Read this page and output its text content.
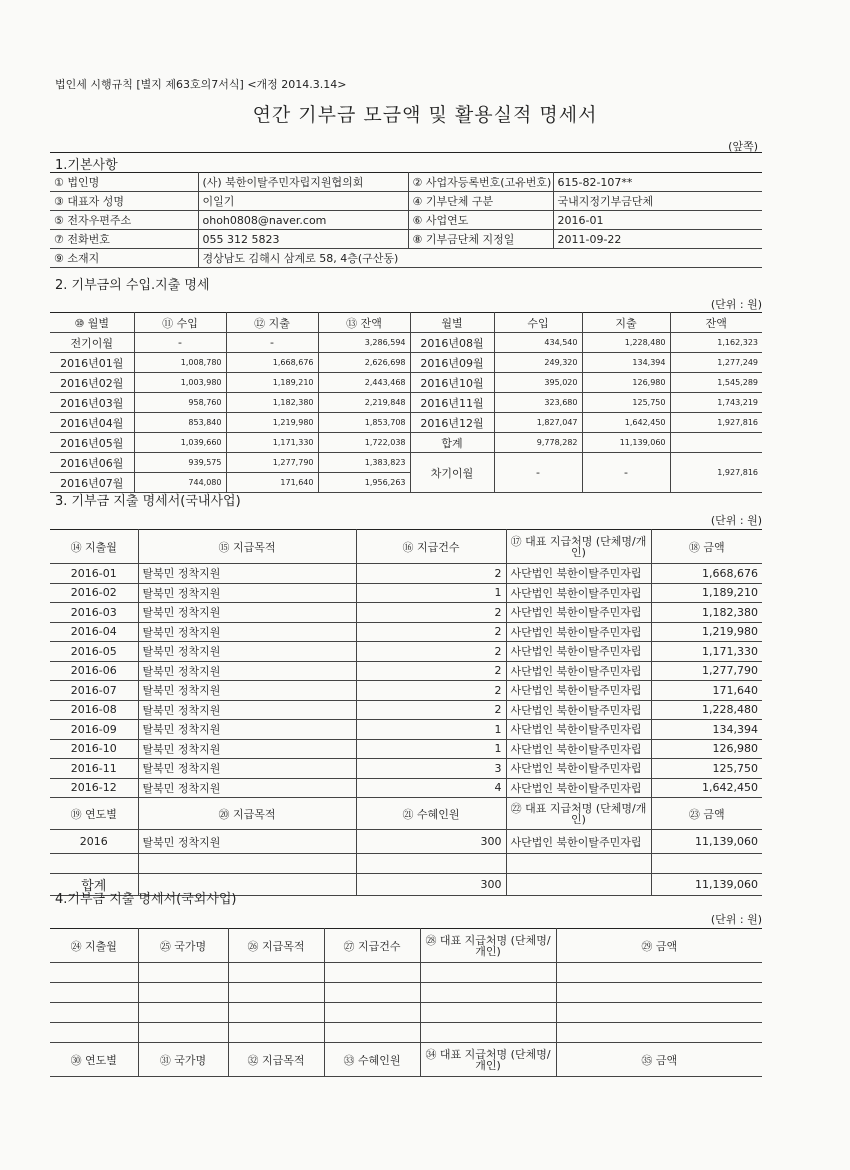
법인세 시행규칙 [별지 제63호의7서식] <개정 2014.3.14>
연간 기부금 모금액 및 활용실적 명세서
(앞쪽)
1.기본사항
① 법인명	(사) 북한이탈주민자립지원협의회	② 사업자등록번호(고유번호)	615-82-107**
③ 대표자 성명	이일기	④ 기부단체 구분	국내지정기부금단체
⑤ 전자우편주소	ohoh0808@naver.com	⑥ 사업연도	2016-01
⑦ 전화번호	055 312 5823	⑧ 기부금단체 지정일	2011-09-22
⑨ 소재지	경상남도 김해시 삼계로 58, 4층(구산동)		
2. 기부금의 수입.지출 명세
(단위 : 원)
⑩ 월별	⑪ 수입	⑫ 지출	⑬ 잔액	월별	수입	지출	잔액
전기이월	-	-	3,286,594	2016년08월	434,540	1,228,480	1,162,323
2016년01월	1,008,780	1,668,676	2,626,698	2016년09월	249,320	134,394	1,277,249
2016년02월	1,003,980	1,189,210	2,443,468	2016년10월	395,020	126,980	1,545,289
2016년03월	958,760	1,182,380	2,219,848	2016년11월	323,680	125,750	1,743,219
2016년04월	853,840	1,219,980	1,853,708	2016년12월	1,827,047	1,642,450	1,927,816
2016년05월	1,039,660	1,171,330	1,722,038	합계	9,778,282	11,139,060	
2016년06월	939,575	1,277,790	1,383,823	차기이월	-	-	1,927,816
2016년07월	744,080	171,640	1,956,263				
3. 기부금 지출 명세서(국내사업)
(단위 : 원)
⑭ 지출월	⑮ 지급목적	⑯ 지급건수	⑰ 대표 지급처명 (단체명/개인)	⑱ 금액
2016-01	탈북민 정착지원	2	사단법인 북한이탈주민자립	1,668,676
2016-02	탈북민 정착지원	1	사단법인 북한이탈주민자립	1,189,210
2016-03	탈북민 정착지원	2	사단법인 북한이탈주민자립	1,182,380
2016-04	탈북민 정착지원	2	사단법인 북한이탈주민자립	1,219,980
2016-05	탈북민 정착지원	2	사단법인 북한이탈주민자립	1,171,330
2016-06	탈북민 정착지원	2	사단법인 북한이탈주민자립	1,277,790
2016-07	탈북민 정착지원	2	사단법인 북한이탈주민자립	171,640
2016-08	탈북민 정착지원	2	사단법인 북한이탈주민자립	1,228,480
2016-09	탈북민 정착지원	1	사단법인 북한이탈주민자립	134,394
2016-10	탈북민 정착지원	1	사단법인 북한이탈주민자립	126,980
2016-11	탈북민 정착지원	3	사단법인 북한이탈주민자립	125,750
2016-12	탈북민 정착지원	4	사단법인 북한이탈주민자립	1,642,450
⑲ 연도별	⑳ 지급목적	㉑ 수혜인원	㉒ 대표 지급처명 (단체명/개인)	㉓ 금액
2016	탈북민 정착지원	300	사단법인 북한이탈주민자립	11,139,060

합계		300		11,139,060
4.기부금 지출 명세서(국외사업)
(단위 : 원)
㉔ 지출월	㉕ 국가명	㉖ 지급목적	㉗ 지급건수	㉘ 대표 지급처명 (단체명/개인)	㉙ 금액

㉚ 연도별	㉛ 국가명	㉜ 지급목적	㉝ 수혜인원	㉞ 대표 지급처명 (단체명/개인)	㉟ 금액
